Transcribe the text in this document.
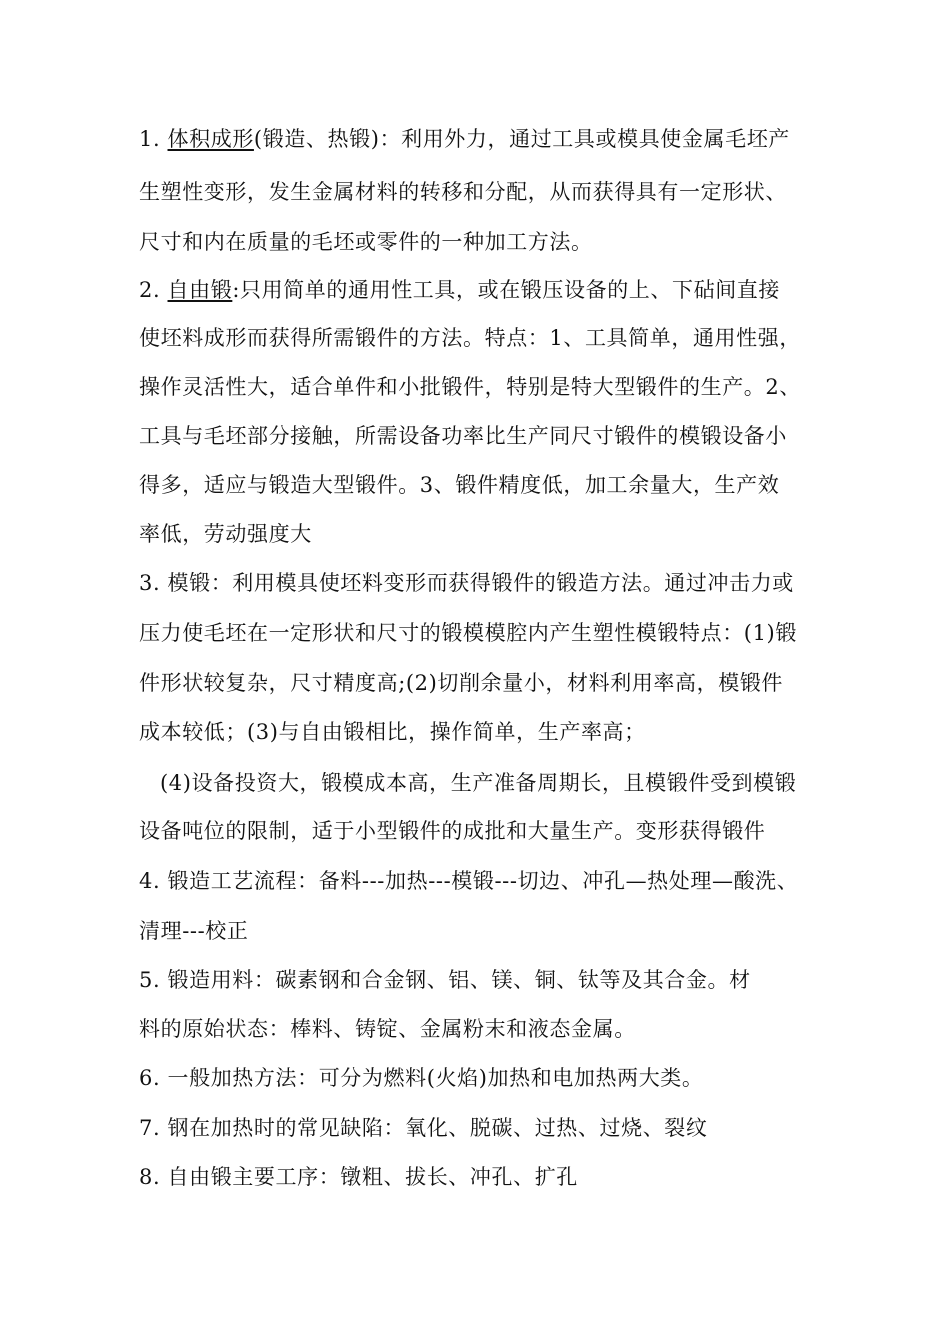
1. 体积成形(锻造、热锻)：利用外力，通过工具或模具使金属毛坯产
生塑性变形，发生金属材料的转移和分配，从而获得具有一定形状、
尺寸和内在质量的毛坯或零件的一种加工方法。
2. 自由锻:只用简单的通用性工具，或在锻压设备的上、下砧间直接
使坯料成形而获得所需锻件的方法。特点：1、工具简单，通用性强，
操作灵活性大，适合单件和小批锻件，特别是特大型锻件的生产。2、
工具与毛坯部分接触，所需设备功率比生产同尺寸锻件的模锻设备小
得多，适应与锻造大型锻件。3、锻件精度低，加工余量大，生产效
率低，劳动强度大
3. 模锻：利用模具使坯料变形而获得锻件的锻造方法。通过冲击力或
压力使毛坯在一定形状和尺寸的锻模模腔内产生塑性模锻特点：(1)锻
件形状较复杂，尺寸精度高;(2)切削余量小，材料利用率高，模锻件
成本较低；(3)与自由锻相比，操作简单，生产率高；
(4)设备投资大，锻模成本高，生产准备周期长，且模锻件受到模锻
设备吨位的限制，适于小型锻件的成批和大量生产。变形获得锻件
4. 锻造工艺流程：备料---加热---模锻---切边、冲孔—热处理—酸洗、
清理---校正
5. 锻造用料：碳素钢和合金钢、铝、镁、铜、钛等及其合金。材
料的原始状态：棒料、铸锭、金属粉末和液态金属。
6. 一般加热方法：可分为燃料(火焰)加热和电加热两大类。
7. 钢在加热时的常见缺陷：氧化、脱碳、过热、过烧、裂纹
8. 自由锻主要工序：镦粗、拔长、冲孔、扩孔
